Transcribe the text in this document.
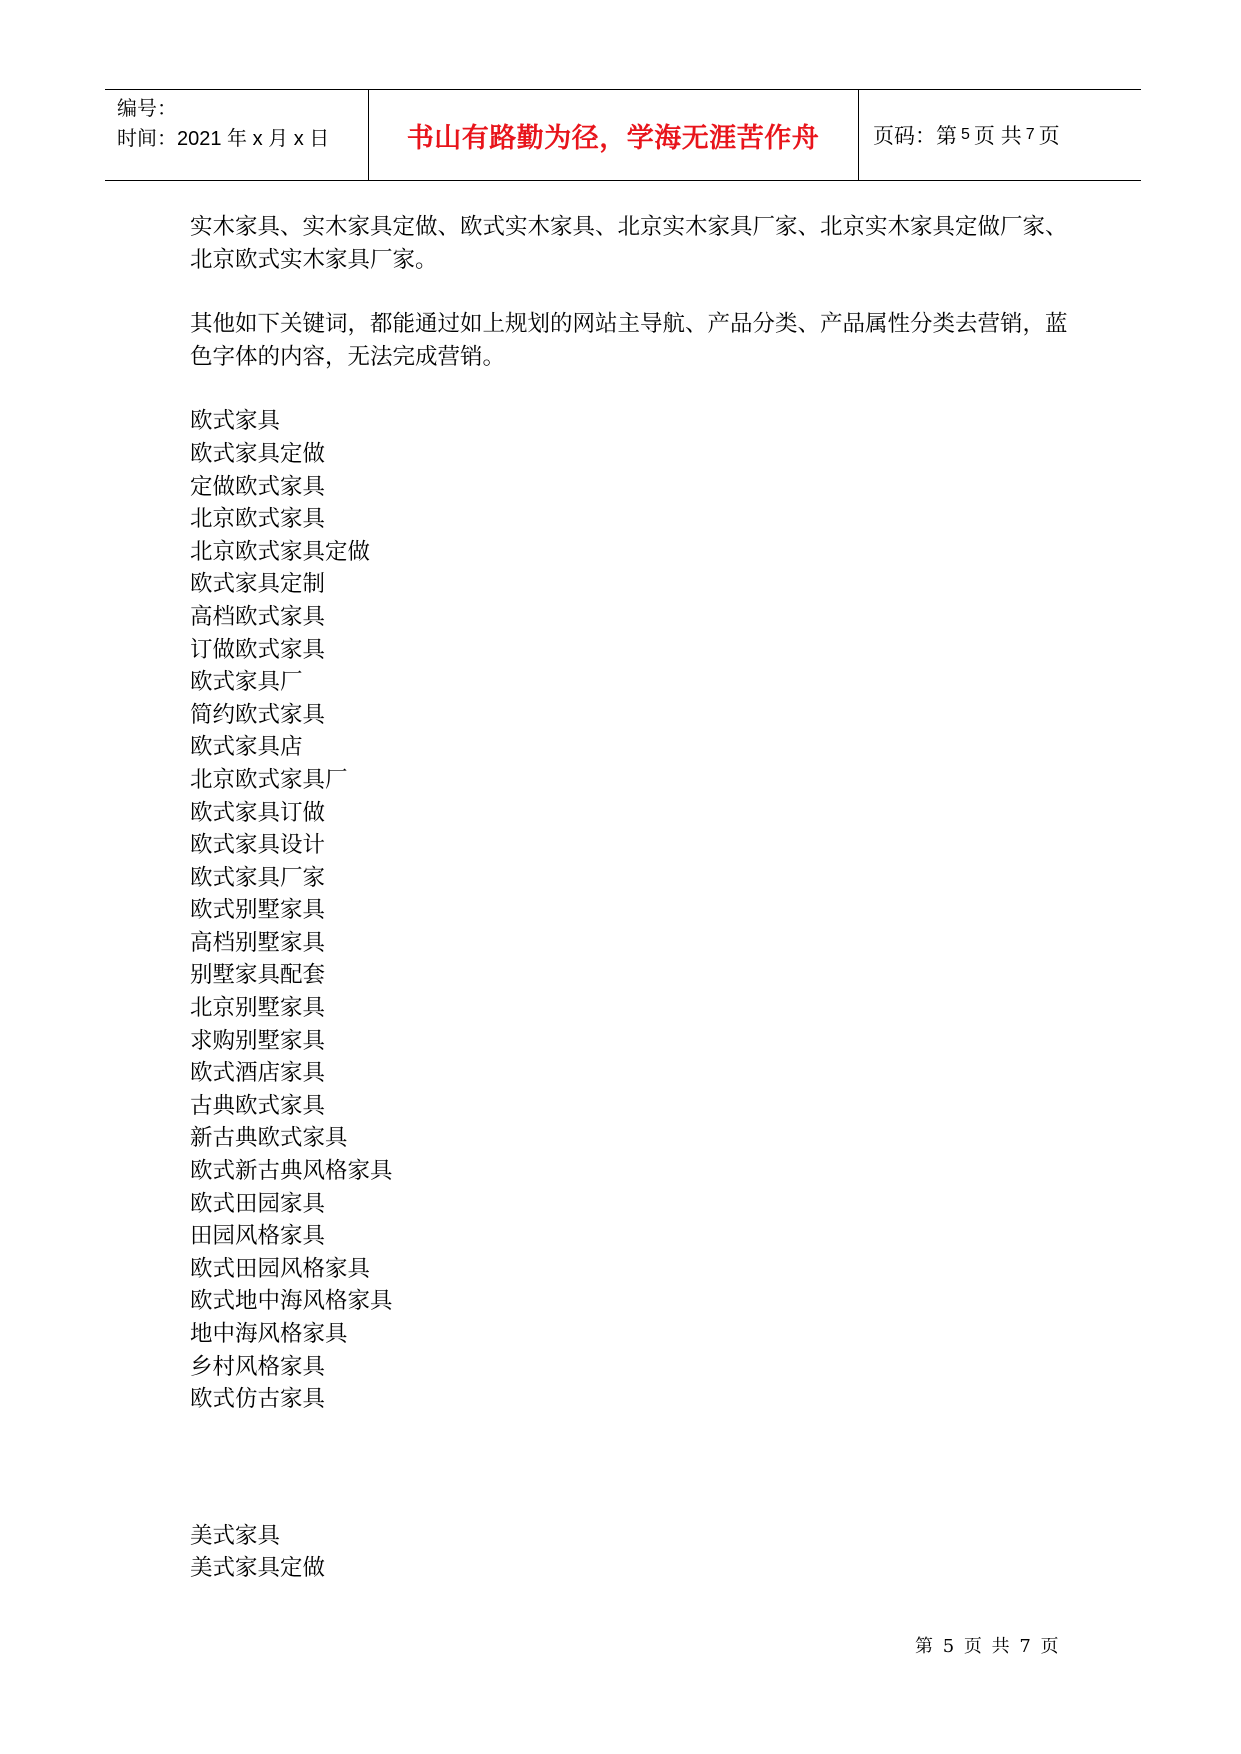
编号：
时间：2021 年 x 月 x 日	书山有路勤为径，学海无涯苦作舟	页码：第 5 页 共 7 页

实木家具、实木家具定做、欧式实木家具、北京实木家具厂家、北京实木家具定做厂家、北京欧式实木家具厂家。

其他如下关键词，都能通过如上规划的网站主导航、产品分类、产品属性分类去营销，蓝色字体的内容，无法完成营销。

欧式家具
欧式家具定做
定做欧式家具
北京欧式家具
北京欧式家具定做
欧式家具定制
高档欧式家具
订做欧式家具
欧式家具厂
简约欧式家具
欧式家具店
北京欧式家具厂
欧式家具订做
欧式家具设计
欧式家具厂家
欧式别墅家具
高档别墅家具
别墅家具配套
北京别墅家具
求购别墅家具
欧式酒店家具
古典欧式家具
新古典欧式家具
欧式新古典风格家具
欧式田园家具
田园风格家具
欧式田园风格家具
欧式地中海风格家具
地中海风格家具
乡村风格家具
欧式仿古家具
美式家具
美式家具定做
第 5 页 共 7 页
